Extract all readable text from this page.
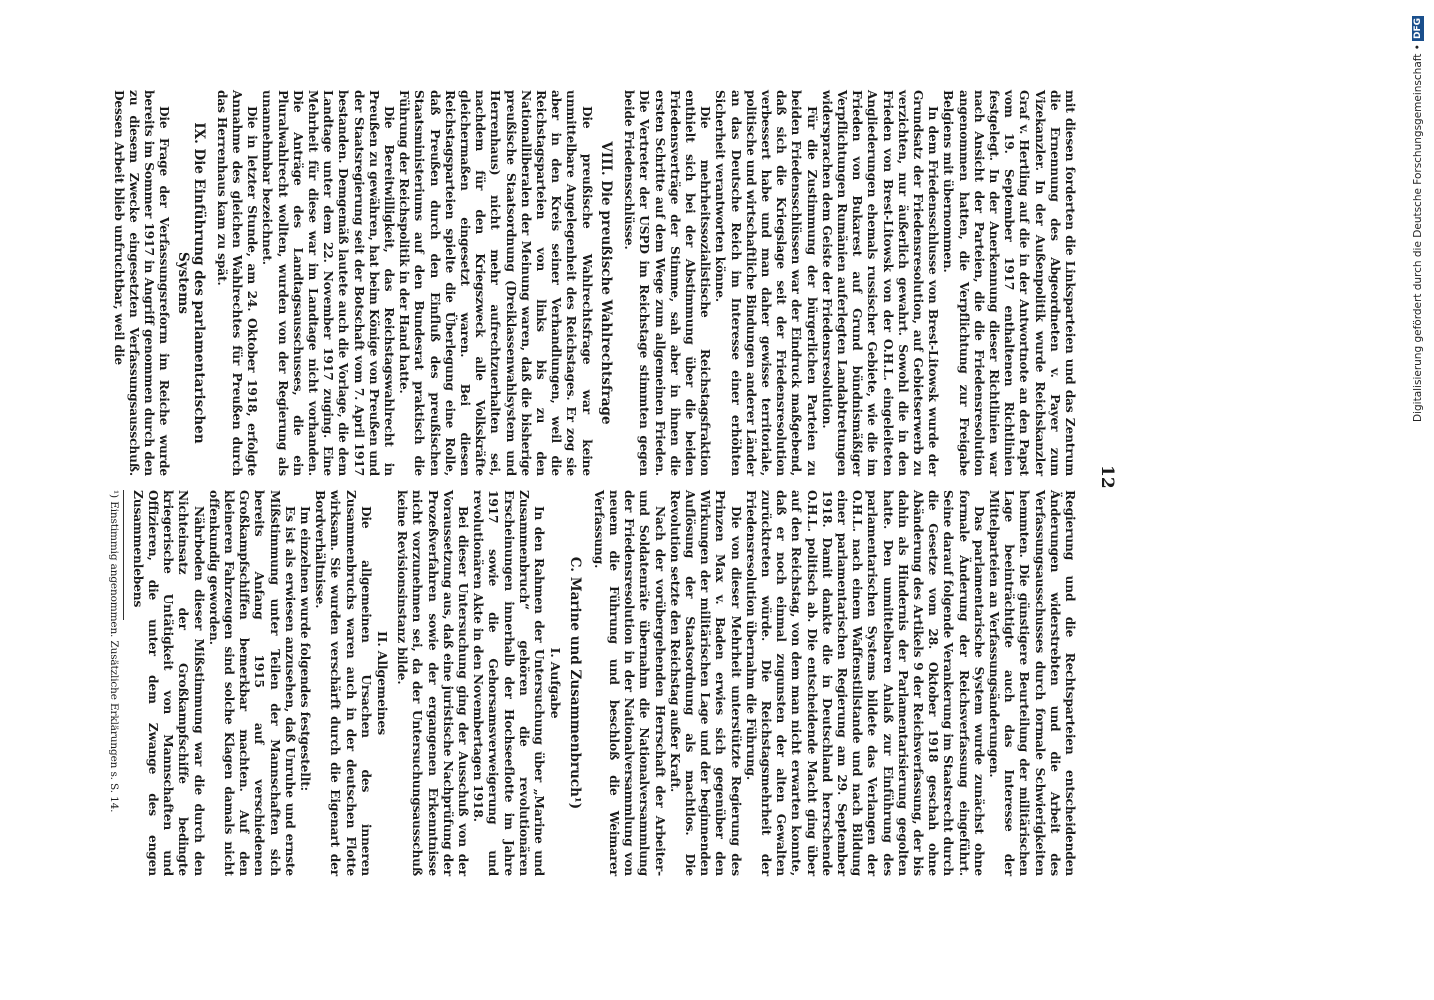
12

mit diesen forderten die Linksparteien und das Zentrum die Ernennung des Abgeordneten v. Payer zum Vizekanzler. In der Außenpolitik wurde Reichskanzler Graf v. Hertling auf die in der Antwortnote an den Papst vom 19. September 1917 enthaltenen Richtlinien festgelegt. In der Anerkennung dieser Richtlinien war nach Ansicht der Parteien, die die Friedensresolution angenommen hatten, die Verpflichtung zur Freigabe Belgiens mit übernommen.

In dem Friedensschlusse von Brest-Litowsk wurde der Grundsatz der Friedensresolution, auf Gebietserwerb zu verzichten, nur äußerlich gewahrt. Sowohl die in den Frieden von Brest-Litowsk von der O.H.L. eingeleiteten Angliederungen ehemals russischer Gebiete, wie die im Frieden von Bukarest auf Grund bündnismäßiger Verpflichtungen Rumänien auferlegten Landabtretungen widersprachen dem Geiste der Friedensresolution.

Für die Zustimmung der bürgerlichen Parteien zu beiden Friedensschlüssen war der Eindruck maßgebend, daß sich die Kriegslage seit der Friedensresolution verbessert habe und man daher gewisse territoriale, politische und wirtschaftliche Bindungen anderer Länder an das Deutsche Reich im Interesse einer erhöhten Sicherheit verantworten könne.

Die mehrheitssozialistische Reichstagsfraktion enthielt sich bei der Abstimmung über die beiden Friedensverträge der Stimme, sah aber in ihnen die ersten Schritte auf dem Wege zum allgemeinen Frieden. Die Vertreter der USPD im Reichstage stimmten gegen beide Friedensschlüsse.

VIII. Die preußische Wahlrechtsfrage

Die preußische Wahlrechtsfrage war keine unmittelbare Angelegenheit des Reichstages. Er zog sie aber in den Kreis seiner Verhandlungen, weil die Reichstagsparteien von links bis zu den Nationalliberalen der Meinung waren, daß die bisherige preußische Staatsordnung (Dreiklassenwahlsystem und Herrenhaus) nicht mehr aufrechtzuerhalten sei, nachdem für den Kriegszweck alle Volkskräfte gleichermaßen eingesetzt waren. Bei diesen Reichstagsparteien spielte die Überlegung eine Rolle, daß Preußen durch den Einfluß des preußischen Staatsministeriums auf den Bundesrat praktisch die Führung der Reichspolitik in der Hand hatte.

Die Bereitwilligkeit, das Reichstagswahlrecht in Preußen zu gewähren, hat beim Könige von Preußen und der Staatsregierung seit der Botschaft vom 7. April 1917 bestanden. Demgemäß lautete auch die Vorlage, die dem Landtage unter dem 22. November 1917 zuging. Eine Mehrheit für diese war im Landtage nicht vorhanden. Die Anträge des Landtagsausschusses, die ein Pluralwahlrecht wollten, wurden von der Regierung als unannehmbar bezeichnet.

Die in letzter Stunde, am 24. Oktober 1918, erfolgte Annahme des gleichen Wahlrechtes für Preußen durch das Herrenhaus kam zu spät.

IX. Die Einführung des parlamentarischen Systems

Die Frage der Verfassungsreform im Reiche wurde bereits im Sommer 1917 in Angriff genommen durch den zu diesem Zwecke eingesetzten Verfassungsausschuß. Dessen Arbeit blieb unfruchtbar, weil die

Regierung und die Rechtsparteien entscheidenden Änderungen widerstrebten und die Arbeit des Verfassungsausschusses durch formale Schwierigkeiten hemmten. Die günstigere Beurteilung der militärischen Lage beeinträchtigte auch das Interesse der Mittelparteien an Verfassungsänderungen.

Das parlamentarische System wurde zunächst ohne formale Änderung der Reichsverfassung eingeführt. Seine darauf folgende Verankerung im Staatsrecht durch die Gesetze vom 28. Oktober 1918 geschah ohne Abänderung des Artikels 9 der Reichsverfassung, der bis dahin als Hindernis der Parlamentarisierung gegolten hatte. Den unmittelbaren Anlaß zur Einführung des parlamentarischen Systems bildete das Verlangen der O.H.L. nach einem Waffenstillstande und nach Bildung einer parlamentarischen Regierung am 29. September 1918. Damit dankte die in Deutschland herrschende O.H.L. politisch ab. Die entscheidende Macht ging über auf den Reichstag, von dem man nicht erwarten konnte, daß er noch einmal zugunsten der alten Gewalten zurücktreten würde. Die Reichstagsmehrheit der Friedensresolution übernahm die Führung.

Die von dieser Mehrheit unterstützte Regierung des Prinzen Max v. Baden erwies sich gegenüber den Wirkungen der militärischen Lage und der beginnenden Auflösung der Staatsordnung als machtlos. Die Revolution setzte den Reichstag außer Kraft.

Nach der vorübergehenden Herrschaft der Arbeiter- und Soldatenräte übernahm die Nationalversammlung der Friedensresolution in der Nationalversammlung von neuem die Führung und beschloß die Weimarer Verfassung.

C. Marine und Zusammenbruch¹)
I. Aufgabe

In den Rahmen der Untersuchung über „Marine und Zusammenbruch“ gehören die revolutionären Erscheinungen innerhalb der Hochseeflotte im Jahre 1917 sowie die Gehorsamsverweigerung und revolutionären Akte in den Novembertagen 1918.

Bei dieser Untersuchung ging der Ausschuß von der Voraussetzung aus, daß eine juristische Nachprüfung der Prozeßverfahren sowie der ergangenen Erkenntnisse nicht vorzunehmen sei, da der Untersuchungsausschuß keine Revisionsinstanz bilde.

II. Allgemeines

Die allgemeinen Ursachen des inneren Zusammenbruchs waren auch in der deutschen Flotte wirksam. Sie wurden verschärft durch die Eigenart der Bordverhältnisse.

Im einzelnen wurde folgendes festgestellt:

Es ist als erwiesen anzusehen, daß Unruhe und ernste Mißstimmung unter Teilen der Mannschaften sich bereits Anfang 1915 auf verschiedenen Großkampfschiffen bemerkbar machten. Auf den kleineren Fahrzeugen sind solche Klagen damals nicht offenkundig geworden.

Nährboden dieser Mißstimmung war die durch den Nichteinsatz der Großkampfschiffe bedingte kriegerische Untätigkeit von Mannschaften und Offizieren, die unter dem Zwange des engen Zusammenlebens

¹) Einstimmig angenommen. Zusätzliche Erklärungen s. S. 14.
Digitalisierung gefördert durch die Deutsche Forschungsgemeinschaft • DFG
